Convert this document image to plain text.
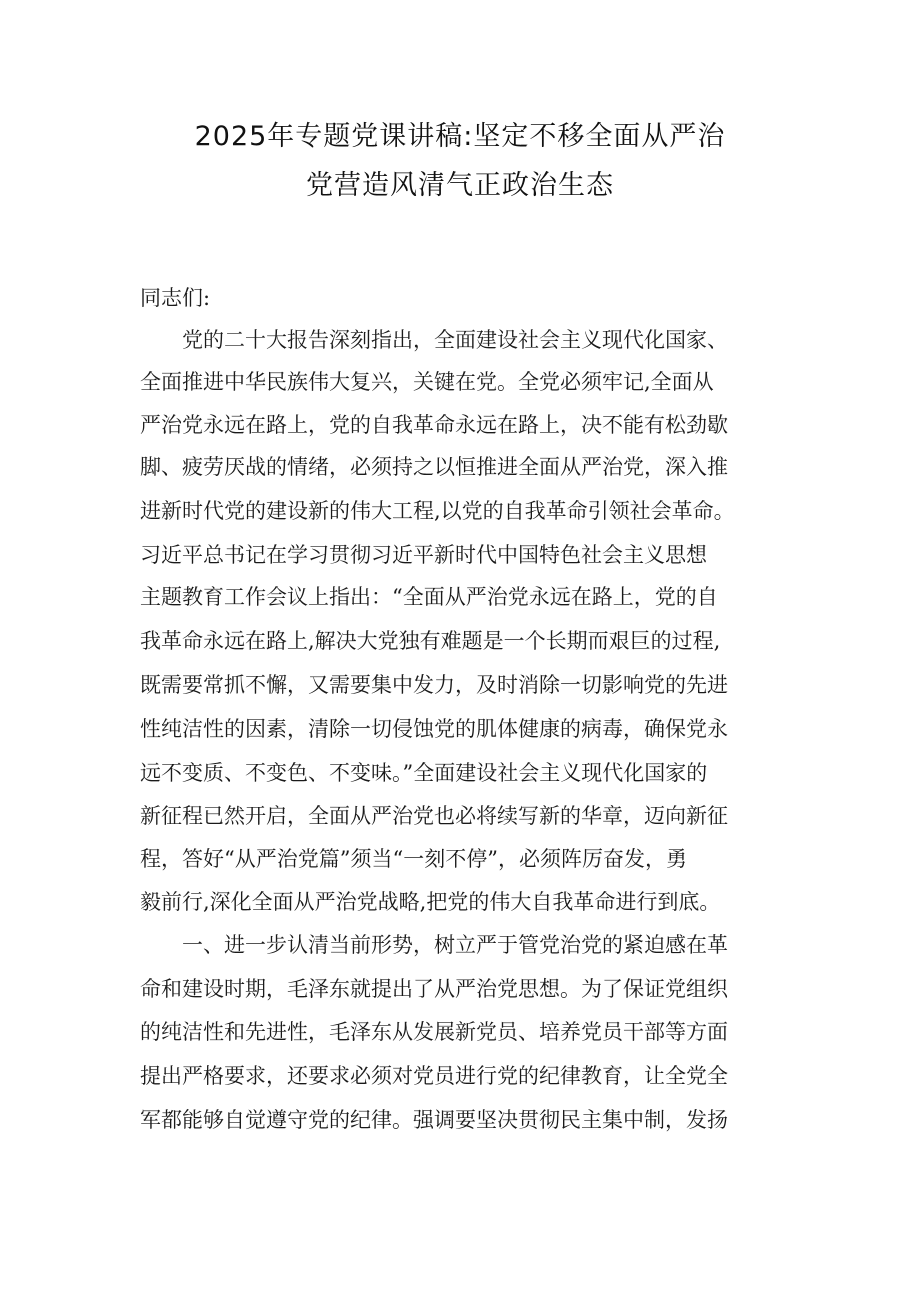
2025年专题党课讲稿:坚定不移全面从严治
党营造风清气正政治生态
同志们:
党的二十大报告深刻指出，全面建设社会主义现代化国家、
全面推进中华民族伟大复兴，关键在党。全党必须牢记,全面从
严治党永远在路上，党的自我革命永远在路上，决不能有松劲歇
脚、疲劳厌战的情绪，必须持之以恒推进全面从严治党，深入推
进新时代党的建设新的伟大工程,以党的自我革命引领社会革命。
习近平总书记在学习贯彻习近平新时代中国特色社会主义思想
主题教育工作会议上指出：“全面从严治党永远在路上，党的自
我革命永远在路上,解决大党独有难题是一个长期而艰巨的过程,
既需要常抓不懈，又需要集中发力，及时消除一切影响党的先进
性纯洁性的因素，清除一切侵蚀党的肌体健康的病毒，确保党永
远不变质、不变色、不变味。”全面建设社会主义现代化国家的
新征程已然开启，全面从严治党也必将续写新的华章，迈向新征
程，答好“从严治党篇”须当“一刻不停”，必须阵厉奋发，勇
毅前行,深化全面从严治党战略,把党的伟大自我革命进行到底。
一、进一步认清当前形势，树立严于管党治党的紧迫感在革
命和建设时期，毛泽东就提出了从严治党思想。为了保证党组织
的纯洁性和先进性，毛泽东从发展新党员、培养党员干部等方面
提出严格要求，还要求必须对党员进行党的纪律教育，让全党全
军都能够自觉遵守党的纪律。强调要坚决贯彻民主集中制，发扬
